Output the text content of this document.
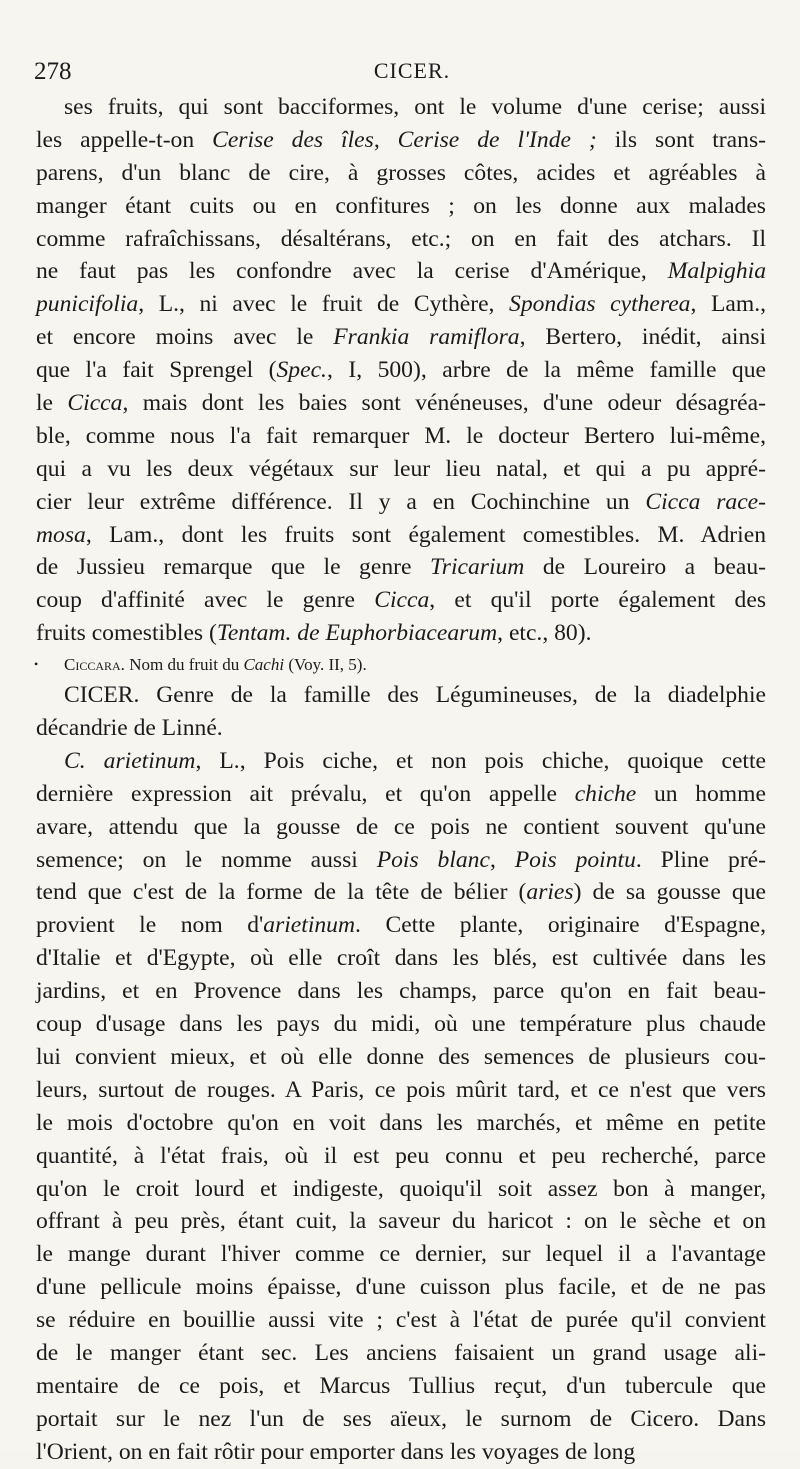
278	CICER.
ses fruits, qui sont bacciformes, ont le volume d'une cerise; aussi
les appelle-t-on Cerise des îles, Cerise de l'Inde ; ils sont trans-
parens, d'un blanc de cire, à grosses côtes, acides et agréables à
manger étant cuits ou en confitures ; on les donne aux malades
comme rafraîchissans, désaltérans, etc.; on en fait des atchars. Il
ne faut pas les confondre avec la cerise d'Amérique, Malpighia
punicifolia, L., ni avec le fruit de Cythère, Spondias cytherea, Lam.,
et encore moins avec le Frankia ramiflora, Bertero, inédit, ainsi
que l'a fait Sprengel (Spec., I, 500), arbre de la même famille que
le Cicca, mais dont les baies sont vénéneuses, d'une odeur désagréa-
ble, comme nous l'a fait remarquer M. le docteur Bertero lui-même,
qui a vu les deux végétaux sur leur lieu natal, et qui a pu appré-
cier leur extrême différence. Il y a en Cochinchine un Cicca race-
mosa, Lam., dont les fruits sont également comestibles. M. Adrien
de Jussieu remarque que le genre Tricarium de Loureiro a beau-
coup d'affinité avec le genre Cicca, et qu'il porte également des
fruits comestibles (Tentam. de Euphorbiacearum, etc., 80).
• Ciccara. Nom du fruit du Cachi (Voy. II, 5).
CICER. Genre de la famille des Légumineuses, de la diadelphie
décandrie de Linné.
C. arietinum, L., Pois ciche, et non pois chiche, quoique cette
dernière expression ait prévalu, et qu'on appelle chiche un homme
avare, attendu que la gousse de ce pois ne contient souvent qu'une
semence; on le nomme aussi Pois blanc, Pois pointu. Pline pré-
tend que c'est de la forme de la tête de bélier (aries) de sa gousse que
provient le nom d'arietinum. Cette plante, originaire d'Espagne,
d'Italie et d'Egypte, où elle croît dans les blés, est cultivée dans les
jardins, et en Provence dans les champs, parce qu'on en fait beau-
coup d'usage dans les pays du midi, où une température plus chaude
lui convient mieux, et où elle donne des semences de plusieurs cou-
leurs, surtout de rouges. A Paris, ce pois mûrit tard, et ce n'est que vers
le mois d'octobre qu'on en voit dans les marchés, et même en petite
quantité, à l'état frais, où il est peu connu et peu recherché, parce
qu'on le croit lourd et indigeste, quoiqu'il soit assez bon à manger,
offrant à peu près, étant cuit, la saveur du haricot : on le sèche et on
le mange durant l'hiver comme ce dernier, sur lequel il a l'avantage
d'une pellicule moins épaisse, d'une cuisson plus facile, et de ne pas
se réduire en bouillie aussi vite ; c'est à l'état de purée qu'il convient
de le manger étant sec. Les anciens faisaient un grand usage ali-
mentaire de ce pois, et Marcus Tullius reçut, d'un tubercule que
portait sur le nez l'un de ses aïeux, le surnom de Cicero. Dans
l'Orient, on en fait rôtir pour emporter dans les voyages de long
